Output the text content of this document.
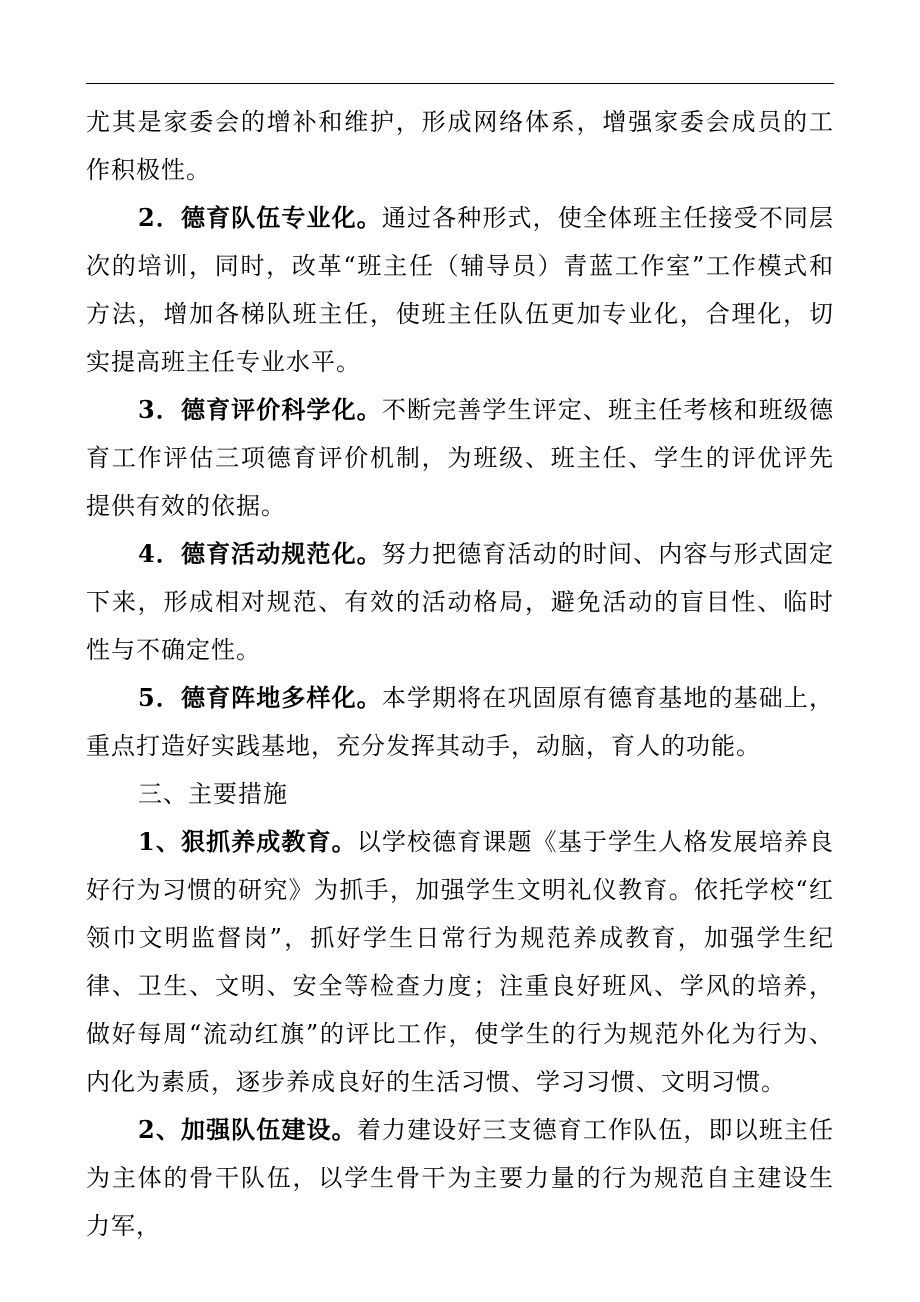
尤其是家委会的增补和维护，形成网络体系，增强家委会成员的工作积极性。

2．德育队伍专业化。通过各种形式，使全体班主任接受不同层次的培训，同时，改革“班主任（辅导员）青蓝工作室”工作模式和方法，增加各梯队班主任，使班主任队伍更加专业化，合理化，切实提高班主任专业水平。

3．德育评价科学化。不断完善学生评定、班主任考核和班级德育工作评估三项德育评价机制，为班级、班主任、学生的评优评先提供有效的依据。

4．德育活动规范化。努力把德育活动的时间、内容与形式固定下来，形成相对规范、有效的活动格局，避免活动的盲目性、临时性与不确定性。

5．德育阵地多样化。本学期将在巩固原有德育基地的基础上，重点打造好实践基地，充分发挥其动手，动脑，育人的功能。

三、主要措施

1、狠抓养成教育。以学校德育课题《基于学生人格发展培养良好行为习惯的研究》为抓手，加强学生文明礼仪教育。依托学校“红领巾文明监督岗”，抓好学生日常行为规范养成教育，加强学生纪律、卫生、文明、安全等检查力度；注重良好班风、学风的培养，做好每周“流动红旗”的评比工作，使学生的行为规范外化为行为、内化为素质，逐步养成良好的生活习惯、学习习惯、文明习惯。

2、加强队伍建设。着力建设好三支德育工作队伍，即以班主任为主体的骨干队伍，以学生骨干为主要力量的行为规范自主建设生力军，
